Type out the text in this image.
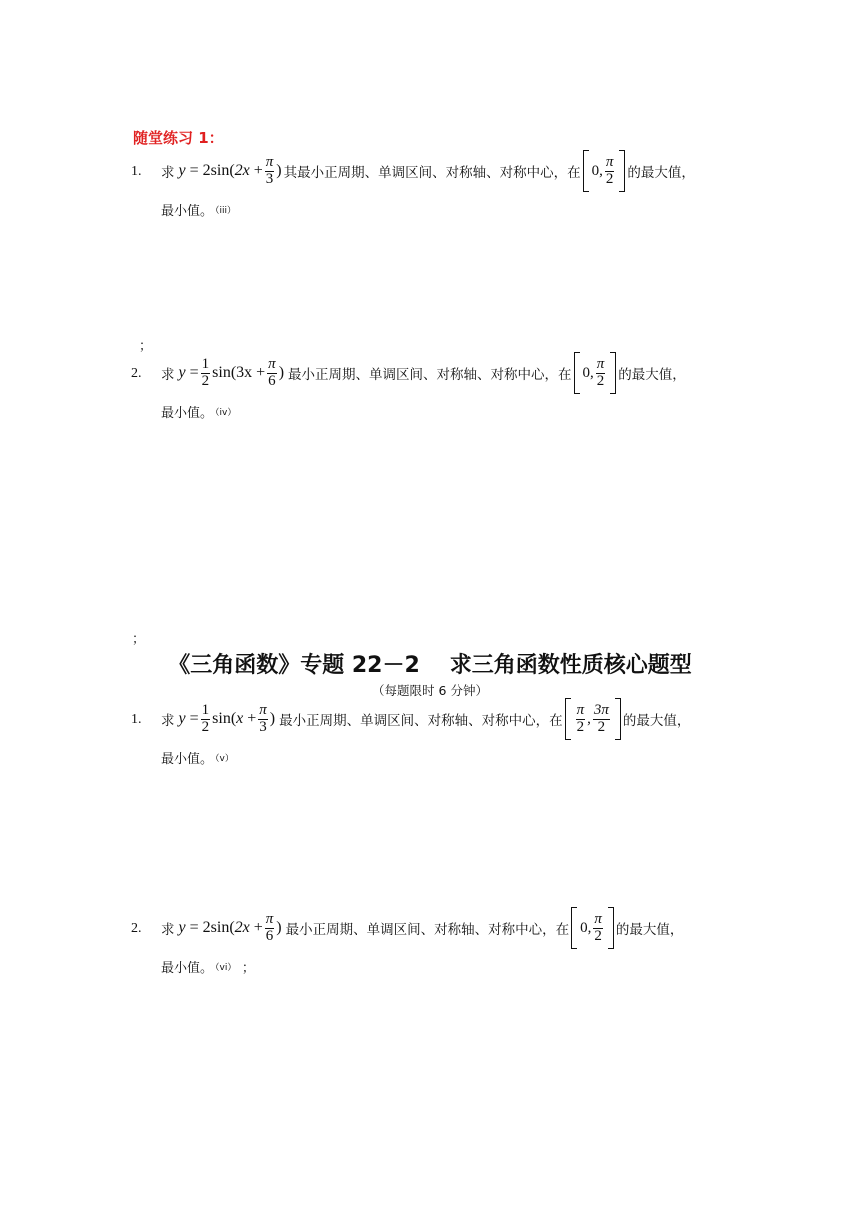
随堂练习 1：
1. 求 $y = 2\sin(2x + \frac{\pi}{3}$ ) 其最小正周期、单调区间、对称轴、对称中心，在 0, $\frac{\pi}{2}$ 的最大值，
最小值。 （iii）
；
2. 求 $y = \frac{1}{2} \sin(3x + \frac{\pi}{6}$ ) 最小正周期、单调区间、对称轴、对称中心，在 0, $\frac{\pi}{2}$ 的最大值，
最小值。 （iv）
；
《三角函数》专题 22－2 求三角函数性质核心题型
（每题限时 6 分钟）
1. 求 $y = \frac{1}{2} \sin(x + \frac{\pi}{3}$ ) 最小正周期、单调区间、对称轴、对称中心，在 $\frac{\pi}{2}$ , $\frac{3\pi}{2}$ 的最大值，
最小值。 （v）
2. 求 $y = 2\sin(2x + \frac{\pi}{6}$ ) 最小正周期、单调区间、对称轴、对称中心，在 0, $\frac{\pi}{2}$ 的最大值，
最小值。 （vi） ；
